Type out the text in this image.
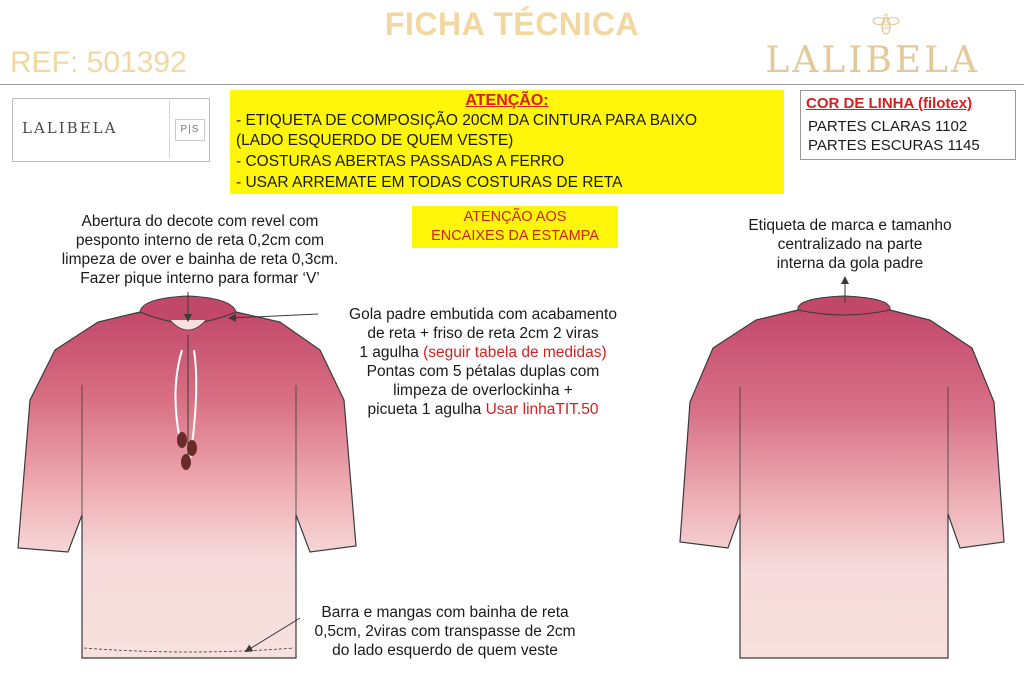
FICHA TÉCNICA
REF: 501392	LALIBELA
LALIBELA	P|S
ATENÇÃO:
- ETIQUETA DE COMPOSIÇÃO 20CM DA CINTURA PARA BAIXO
(LADO ESQUERDO DE QUEM VESTE)
- COSTURAS ABERTAS PASSADAS A FERRO
- USAR ARREMATE EM TODAS COSTURAS DE RETA
COR DE LINHA (filotex)
PARTES CLARAS 1102
PARTES ESCURAS 1145
ATENÇÃO AOS
ENCAIXES DA ESTAMPA
Abertura do decote com revel com
pesponto interno de reta 0,2cm com
limpeza de over e bainha de reta 0,3cm.
Fazer pique interno para formar ‘V’
Gola padre embutida com acabamento
de reta + friso de reta 2cm 2 viras
1 agulha (seguir tabela de medidas)
Pontas com 5 pétalas duplas com
limpeza de overlockinha +
picueta 1 agulha Usar linhaTIT.50
Etiqueta de marca e tamanho
centralizado na parte
interna da gola padre
Barra e mangas com bainha de reta
0,5cm, 2viras com transpasse de 2cm
do lado esquerdo de quem veste
